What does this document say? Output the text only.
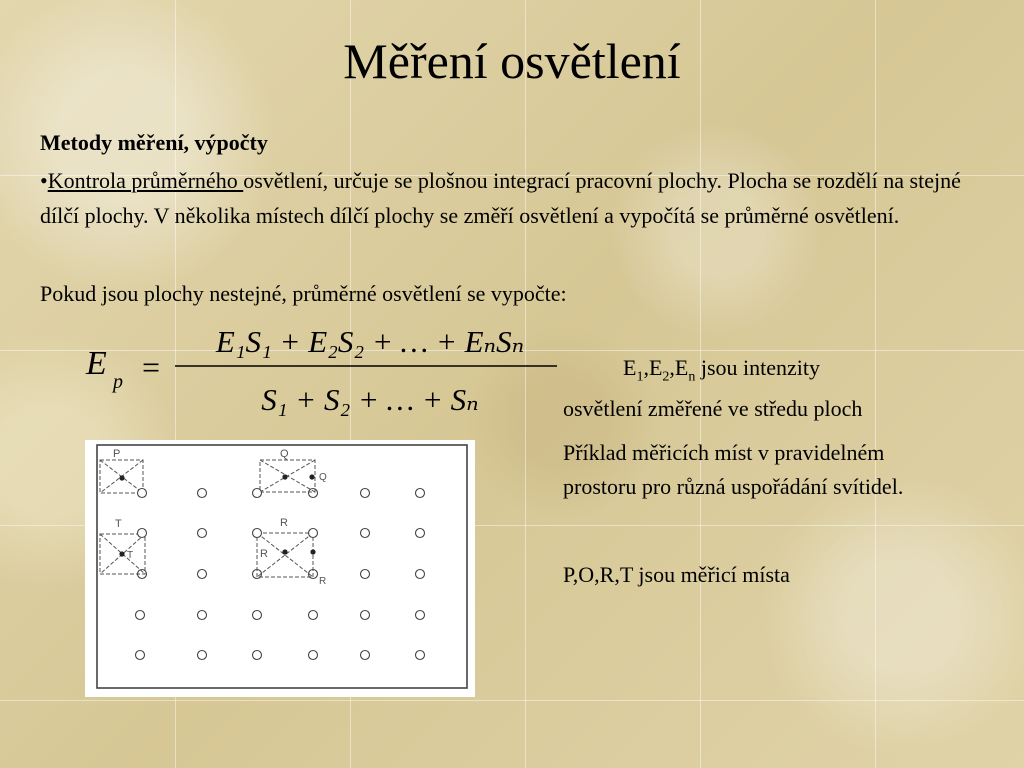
Měření osvětlení
Metody měření, výpočty
•Kontrola průměrného osvětlení, určuje se plošnou integrací pracovní plochy. Plocha se rozdělí na stejné dílčí plochy. V několika místech dílčí plochy se změří osvětlení a vypočítá se průměrné osvětlení.
Pokud jsou plochy nestejné, průměrné osvětlení se vypočte:
E p =
E₁S₁ + E₂S₂ + … + EₙSₙ
S₁ + S₂ + … + Sₙ
$E_1,E_2,E_n$ jsou intenzity
osvětlení změřené ve středu ploch
Příklad měřicích míst v pravidelném prostoru pro různá uspořádání svítidel.
P,O,R,T jsou měřicí místa
P	Q
Q
T
T
R
R
R
